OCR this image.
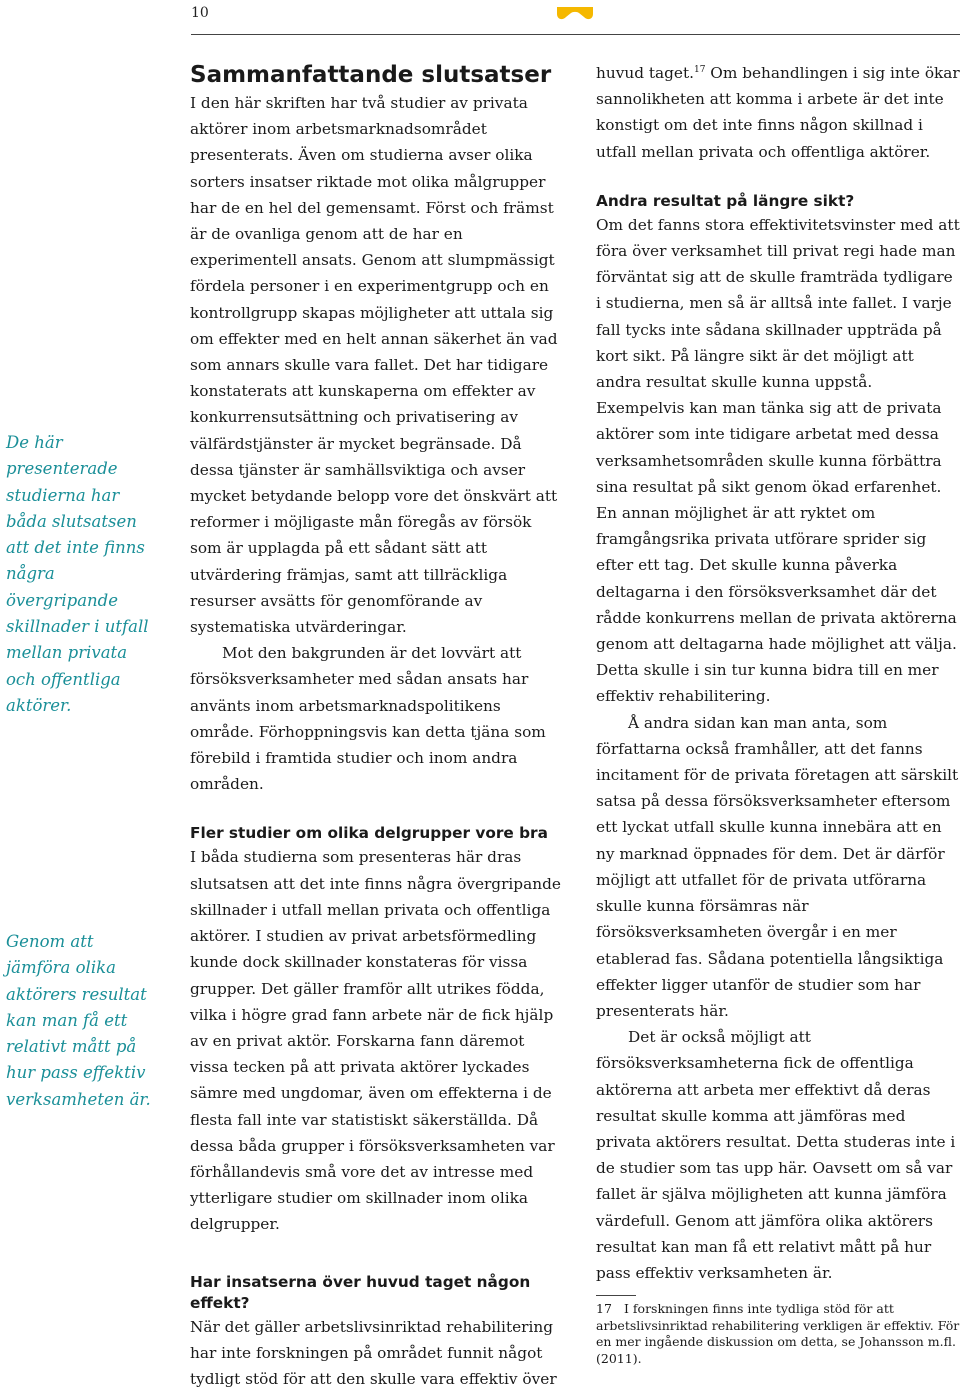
10

De här presenterade studierna har båda slutsatsen att det inte finns några övergripande skillnader i utfall mellan privata och offentliga aktörer.

Genom att jämföra olika aktörers resultat kan man få ett relativt mått på hur pass effektiv verksamheten är.

Sammanfattande slutsatser

I den här skriften har två studier av privata aktörer inom arbetsmarknadsområdet presenterats. Även om studierna avser olika sorters insatser riktade mot olika målgrupper har de en hel del gemensamt. Först och främst är de ovanliga genom att de har en experimentell ansats. Genom att slumpmässigt fördela personer i en experimentgrupp och en kontrollgrupp skapas möjligheter att uttala sig om effekter med en helt annan säkerhet än vad som annars skulle vara fallet. Det har tidigare konstaterats att kunskaperna om effekter av konkurrensutsättning och privatisering av välfärdstjänster är mycket begränsade. Då dessa tjänster är samhällsviktiga och avser mycket betydande belopp vore det önskvärt att reformer i möjligaste mån föregås av försök som är upplagda på ett sådant sätt att utvärdering främjas, samt att tillräckliga resurser avsätts för genomförande av systematiska utvärderingar.

Mot den bakgrunden är det lovvärt att försöksverksamheter med sådan ansats har använts inom arbetsmarknadspolitikens område. Förhoppningsvis kan detta tjäna som förebild i framtida studier och inom andra områden.

Fler studier om olika delgrupper vore bra

I båda studierna som presenteras här dras slutsatsen att det inte finns några övergripande skillnader i utfall mellan privata och offentliga aktörer. I studien av privat arbetsförmedling kunde dock skillnader konstateras för vissa grupper. Det gäller framför allt utrikes födda, vilka i högre grad fann arbete när de fick hjälp av en privat aktör. Forskarna fann däremot vissa tecken på att privata aktörer lyckades sämre med ungdomar, även om effekterna i de flesta fall inte var statistiskt säkerställda. Då dessa båda grupper i försöksverksamheten var förhållandevis små vore det av intresse med ytterligare studier om skillnader inom olika delgrupper.

Har insatserna över huvud taget någon effekt?

När det gäller arbetslivsinriktad rehabilitering har inte forskningen på området funnit något tydligt stöd för att den skulle vara effektiv över

huvud taget.$^{17}$ Om behandlingen i sig inte ökar sannolikheten att komma i arbete är det inte konstigt om det inte finns någon skillnad i utfall mellan privata och offentliga aktörer.

Andra resultat på längre sikt?

Om det fanns stora effektivitetsvinster med att föra över verksamhet till privat regi hade man förväntat sig att de skulle framträda tydligare i studierna, men så är alltså inte fallet. I varje fall tycks inte sådana skillnader uppträda på kort sikt. På längre sikt är det möjligt att andra resultat skulle kunna uppstå. Exempelvis kan man tänka sig att de privata aktörer som inte tidigare arbetat med dessa verksamhetsområden skulle kunna förbättra sina resultat på sikt genom ökad erfarenhet. En annan möjlighet är att ryktet om framgångsrika privata utförare sprider sig efter ett tag. Det skulle kunna påverka deltagarna i den försöksverksamhet där det rådde konkurrens mellan de privata aktörerna genom att deltagarna hade möjlighet att välja. Detta skulle i sin tur kunna bidra till en mer effektiv rehabilitering.

Å andra sidan kan man anta, som författarna också framhåller, att det fanns incitament för de privata företagen att särskilt satsa på dessa försöksverksamheter eftersom ett lyckat utfall skulle kunna innebära att en ny marknad öppnades för dem. Det är därför möjligt att utfallet för de privata utförarna skulle kunna försämras när försöksverksamheten övergår i en mer etablerad fas. Sådana potentiella långsiktiga effekter ligger utanför de studier som har presenterats här.

Det är också möjligt att försöksverksamheterna fick de offentliga aktörerna att arbeta mer effektivt då deras resultat skulle komma att jämföras med privata aktörers resultat. Detta studeras inte i de studier som tas upp här. Oavsett om så var fallet är själva möjligheten att kunna jämföra värdefull. Genom att jämföra olika aktörers resultat kan man få ett relativt mått på hur pass effektiv verksamheten är.

17 I forskningen finns inte tydliga stöd för att arbetslivsinriktad rehabilitering verkligen är effektiv. För en mer ingående diskussion om detta, se Johansson m.fl. (2011).
